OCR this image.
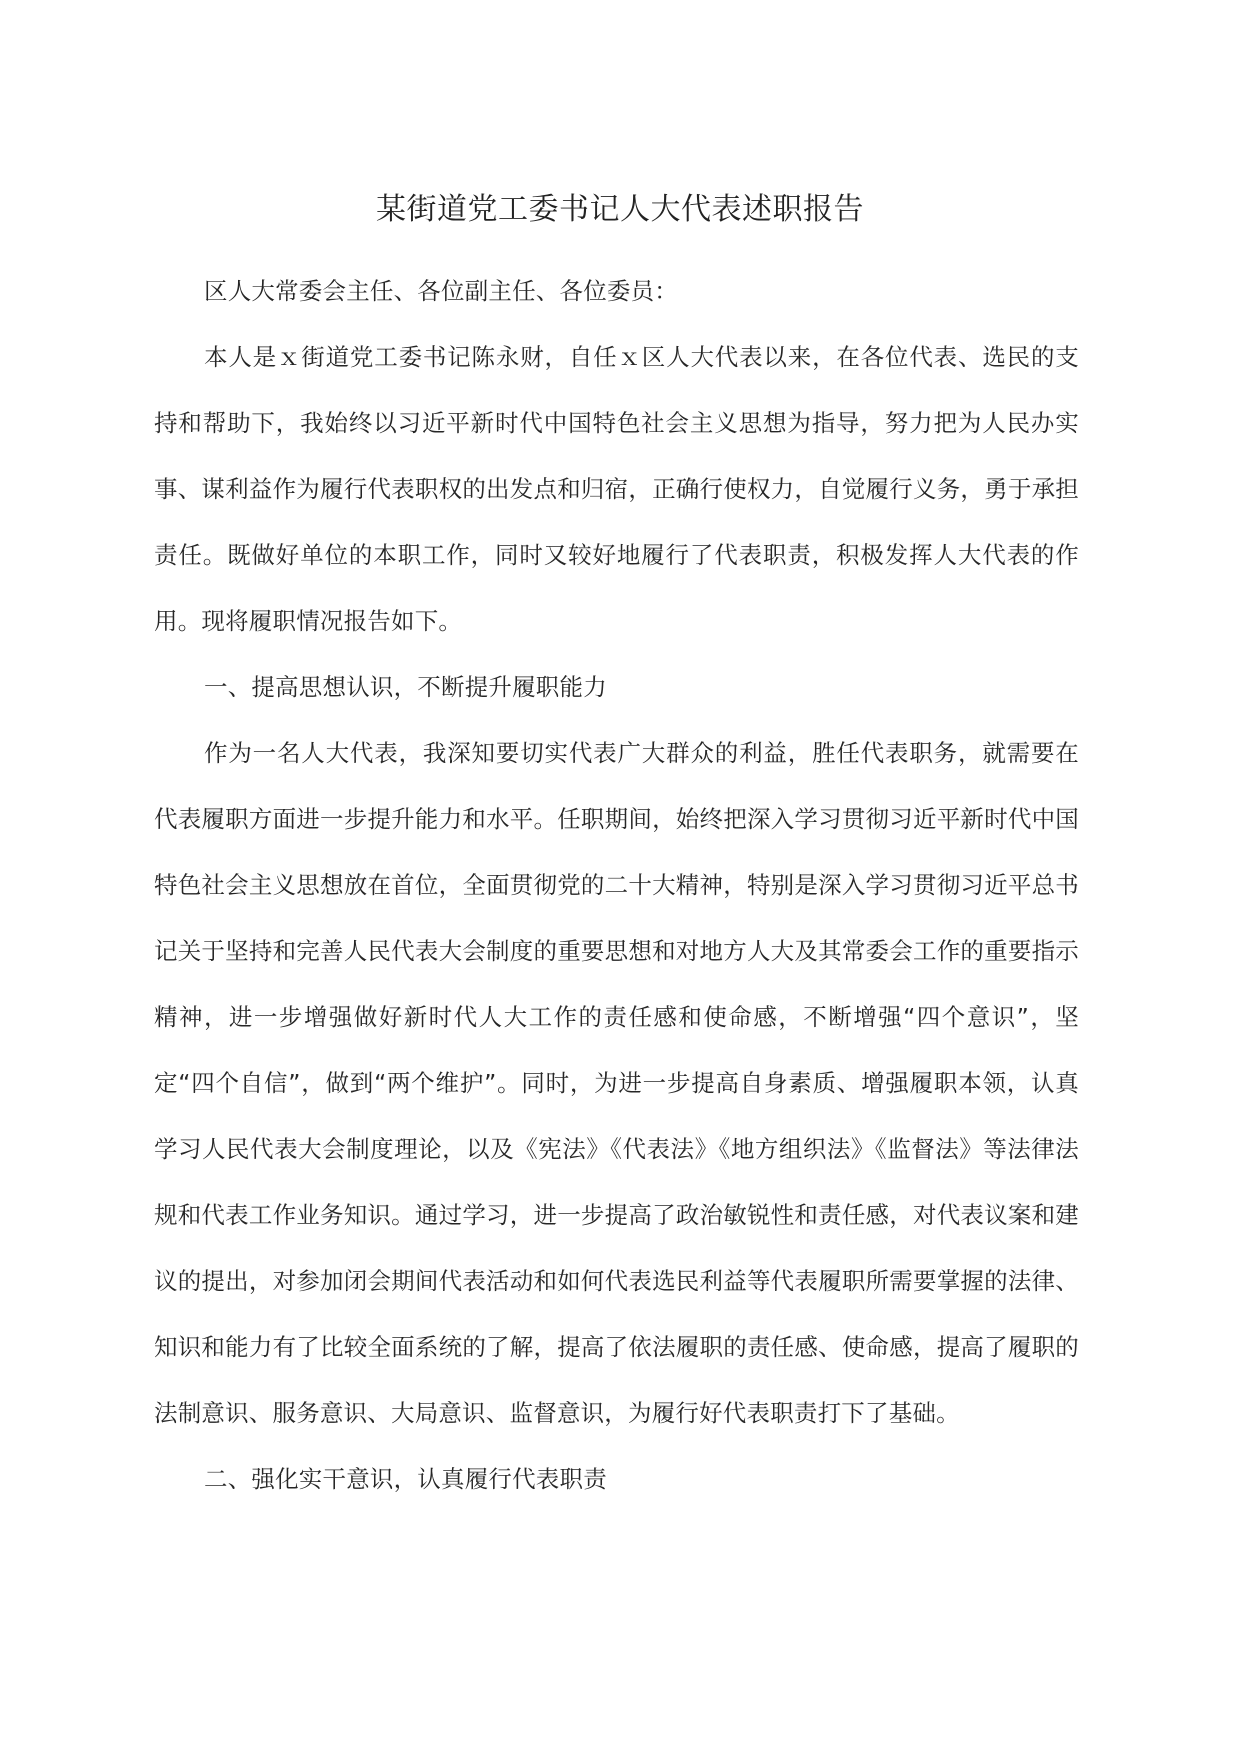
某街道党工委书记人大代表述职报告

区人大常委会主任、各位副主任、各位委员：

本人是ｘ街道党工委书记陈永财，自任ｘ区人大代表以来，在各位代表、选民的支持和帮助下，我始终以习近平新时代中国特色社会主义思想为指导，努力把为人民办实事、谋利益作为履行代表职权的出发点和归宿，正确行使权力，自觉履行义务，勇于承担责任。既做好单位的本职工作，同时又较好地履行了代表职责，积极发挥人大代表的作用。现将履职情况报告如下。

一、提高思想认识，不断提升履职能力

作为一名人大代表，我深知要切实代表广大群众的利益，胜任代表职务，就需要在代表履职方面进一步提升能力和水平。任职期间，始终把深入学习贯彻习近平新时代中国特色社会主义思想放在首位，全面贯彻党的二十大精神，特别是深入学习贯彻习近平总书记关于坚持和完善人民代表大会制度的重要思想和对地方人大及其常委会工作的重要指示精神，进一步增强做好新时代人大工作的责任感和使命感，不断增强“四个意识”，坚定“四个自信”，做到“两个维护”。同时，为进一步提高自身素质、增强履职本领，认真学习人民代表大会制度理论，以及《宪法》《代表法》《地方组织法》《监督法》等法律法规和代表工作业务知识。通过学习，进一步提高了政治敏锐性和责任感，对代表议案和建议的提出，对参加闭会期间代表活动和如何代表选民利益等代表履职所需要掌握的法律、知识和能力有了比较全面系统的了解，提高了依法履职的责任感、使命感，提高了履职的法制意识、服务意识、大局意识、监督意识，为履行好代表职责打下了基础。

二、强化实干意识，认真履行代表职责
